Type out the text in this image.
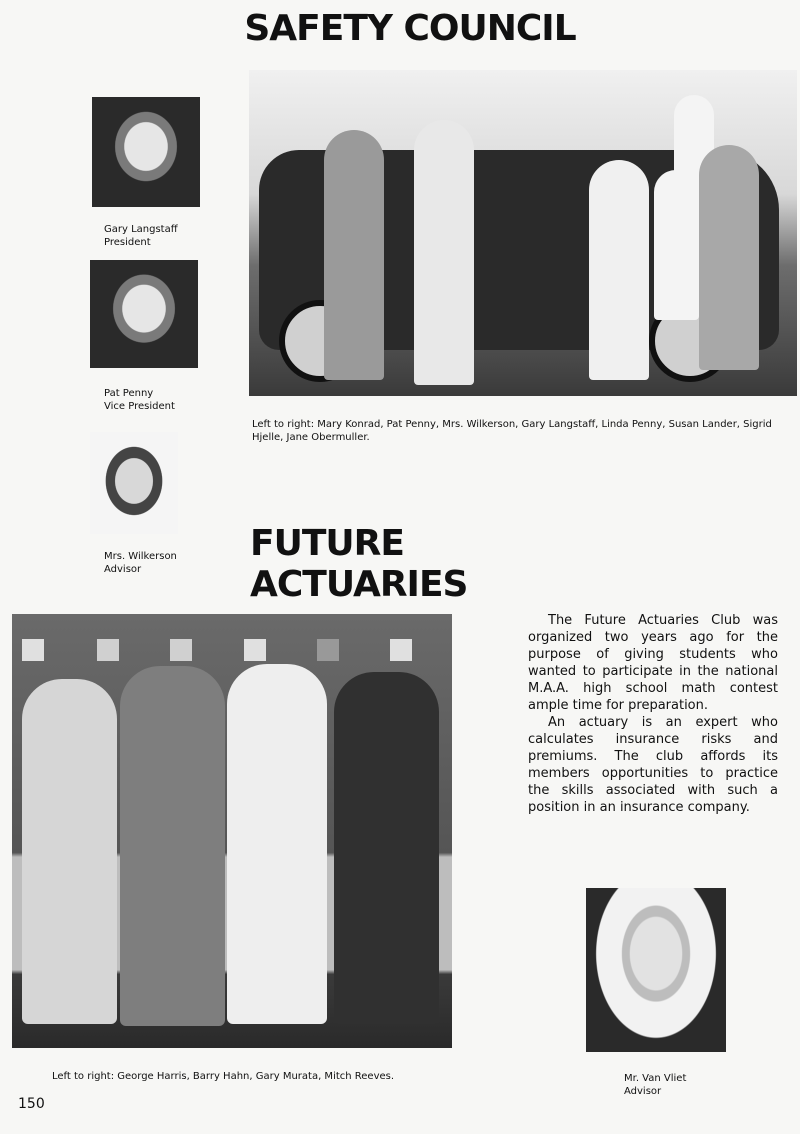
SAFETY COUNCIL
Gary Langstaff
President
Pat Penny
Vice President
Mrs. Wilkerson
Advisor
Left to right: Mary Konrad, Pat Penny, Mrs. Wilkerson, Gary Langstaff, Linda Penny, Susan Lander, Sigrid Hjelle, Jane Obermuller.
FUTURE ACTUARIES
Left to right: George Harris, Barry Hahn, Gary Murata, Mitch Reeves.

The Future Actuaries Club was organized two years ago for the purpose of giving students who wanted to participate in the national M.A.A. high school math contest ample time for preparation.

An actuary is an expert who calculates insurance risks and premiums. The club affords its members opportunities to practice the skills associated with such a position in an insurance company.

Mr. Van Vliet
Advisor
150
